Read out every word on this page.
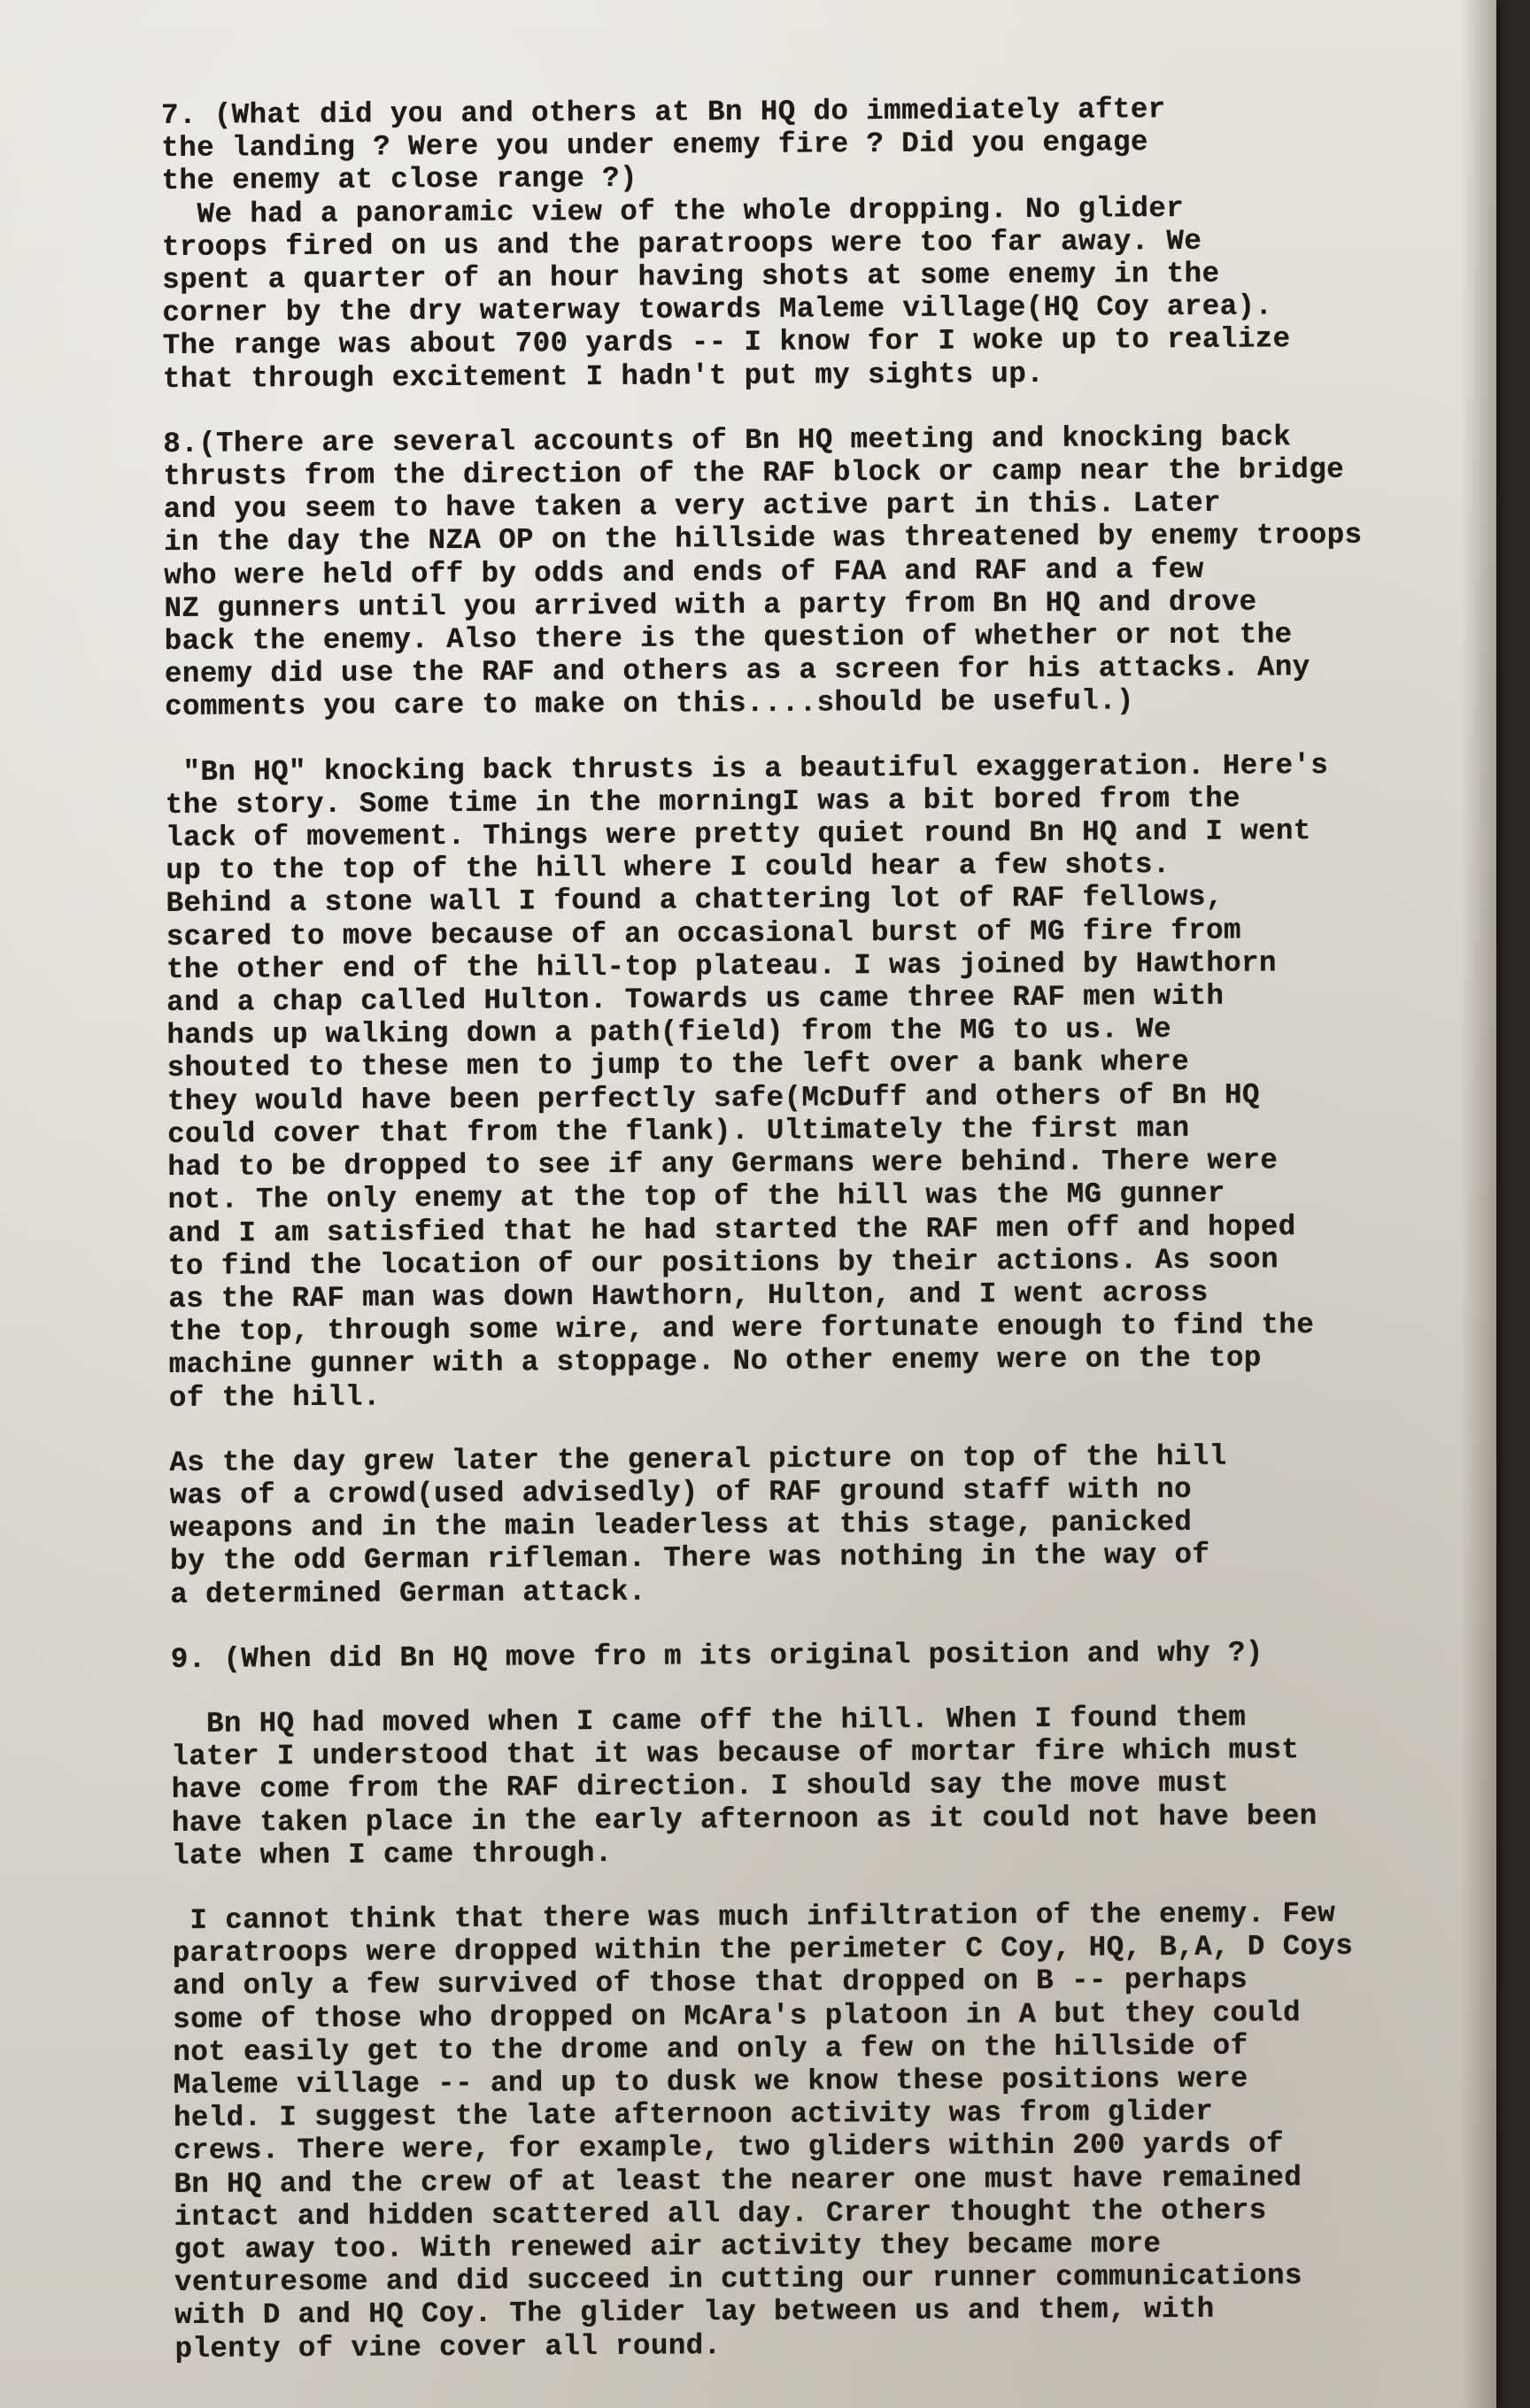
7. (What did you and others at Bn HQ do immediately after
the landing ? Were you under enemy fire ? Did you engage
the enemy at close range ?)
We had a panoramic view of the whole dropping. No glider
troops fired on us and the paratroops were too far away. We
spent a quarter of an hour having shots at some enemy in the
corner by the dry waterway towards Maleme village(HQ Coy area).
The range was about 700 yards -- I know for I woke up to realize
that through excitement I hadn't put my sights up.
8.(There are several accounts of Bn HQ meeting and knocking back
thrusts from the direction of the RAF block or camp near the bridge
and you seem to have taken a very active part in this. Later
in the day the NZA OP on the hillside was threatened by enemy troops
who were held off by odds and ends of FAA and RAF and a few
NZ gunners until you arrived with a party from Bn HQ and drove
back the enemy. Also there is the question of whether or not the
enemy did use the RAF and others as a screen for his attacks. Any
comments you care to make on this....should be useful.)
"Bn HQ" knocking back thrusts is a beautiful exaggeration. Here's
the story. Some time in the morningI was a bit bored from the
lack of movement. Things were pretty quiet round Bn HQ and I went
up to the top of the hill where I could hear a few shots.
Behind a stone wall I found a chattering lot of RAF fellows,
scared to move because of an occasional burst of MG fire from
the other end of the hill-top plateau. I was joined by Hawthorn
and a chap called Hulton. Towards us came three RAF men with
hands up walking down a path(field) from the MG to us. We
shouted to these men to jump to the left over a bank where
they would have been perfectly safe(McDuff and others of Bn HQ
could cover that from the flank). Ultimately the first man
had to be dropped to see if any Germans were behind. There were
not. The only enemy at the top of the hill was the MG gunner
and I am satisfied that he had started the RAF men off and hoped
to find the location of our positions by their actions. As soon
as the RAF man was down Hawthorn, Hulton, and I went across
the top, through some wire, and were fortunate enough to find the
machine gunner with a stoppage. No other enemy were on the top
of the hill.
As the day grew later the general picture on top of the hill
was of a crowd(used advisedly) of RAF ground staff with no
weapons and in the main leaderless at this stage, panicked
by the odd German rifleman. There was nothing in the way of
a determined German attack.
9. (When did Bn HQ move fro m its original position and why ?)
Bn HQ had moved when I came off the hill. When I found them
later I understood that it was because of mortar fire which must
have come from the RAF direction. I should say the move must
have taken place in the early afternoon as it could not have been
late when I came through.
I cannot think that there was much infiltration of the enemy. Few
paratroops were dropped within the perimeter C Coy, HQ, B,A, D Coys
and only a few survived of those that dropped on B -- perhaps
some of those who dropped on McAra's platoon in A but they could
not easily get to the drome and only a few on the hillside of
Maleme village -- and up to dusk we know these positions were
held. I suggest the late afternoon activity was from glider
crews. There were, for example, two gliders within 200 yards of
Bn HQ and the crew of at least the nearer one must have remained
intact and hidden scattered all day. Crarer thought the others
got away too. With renewed air activity they became more
venturesome and did succeed in cutting our runner communications
with D and HQ Coy. The glider lay between us and them, with
plenty of vine cover all round.
